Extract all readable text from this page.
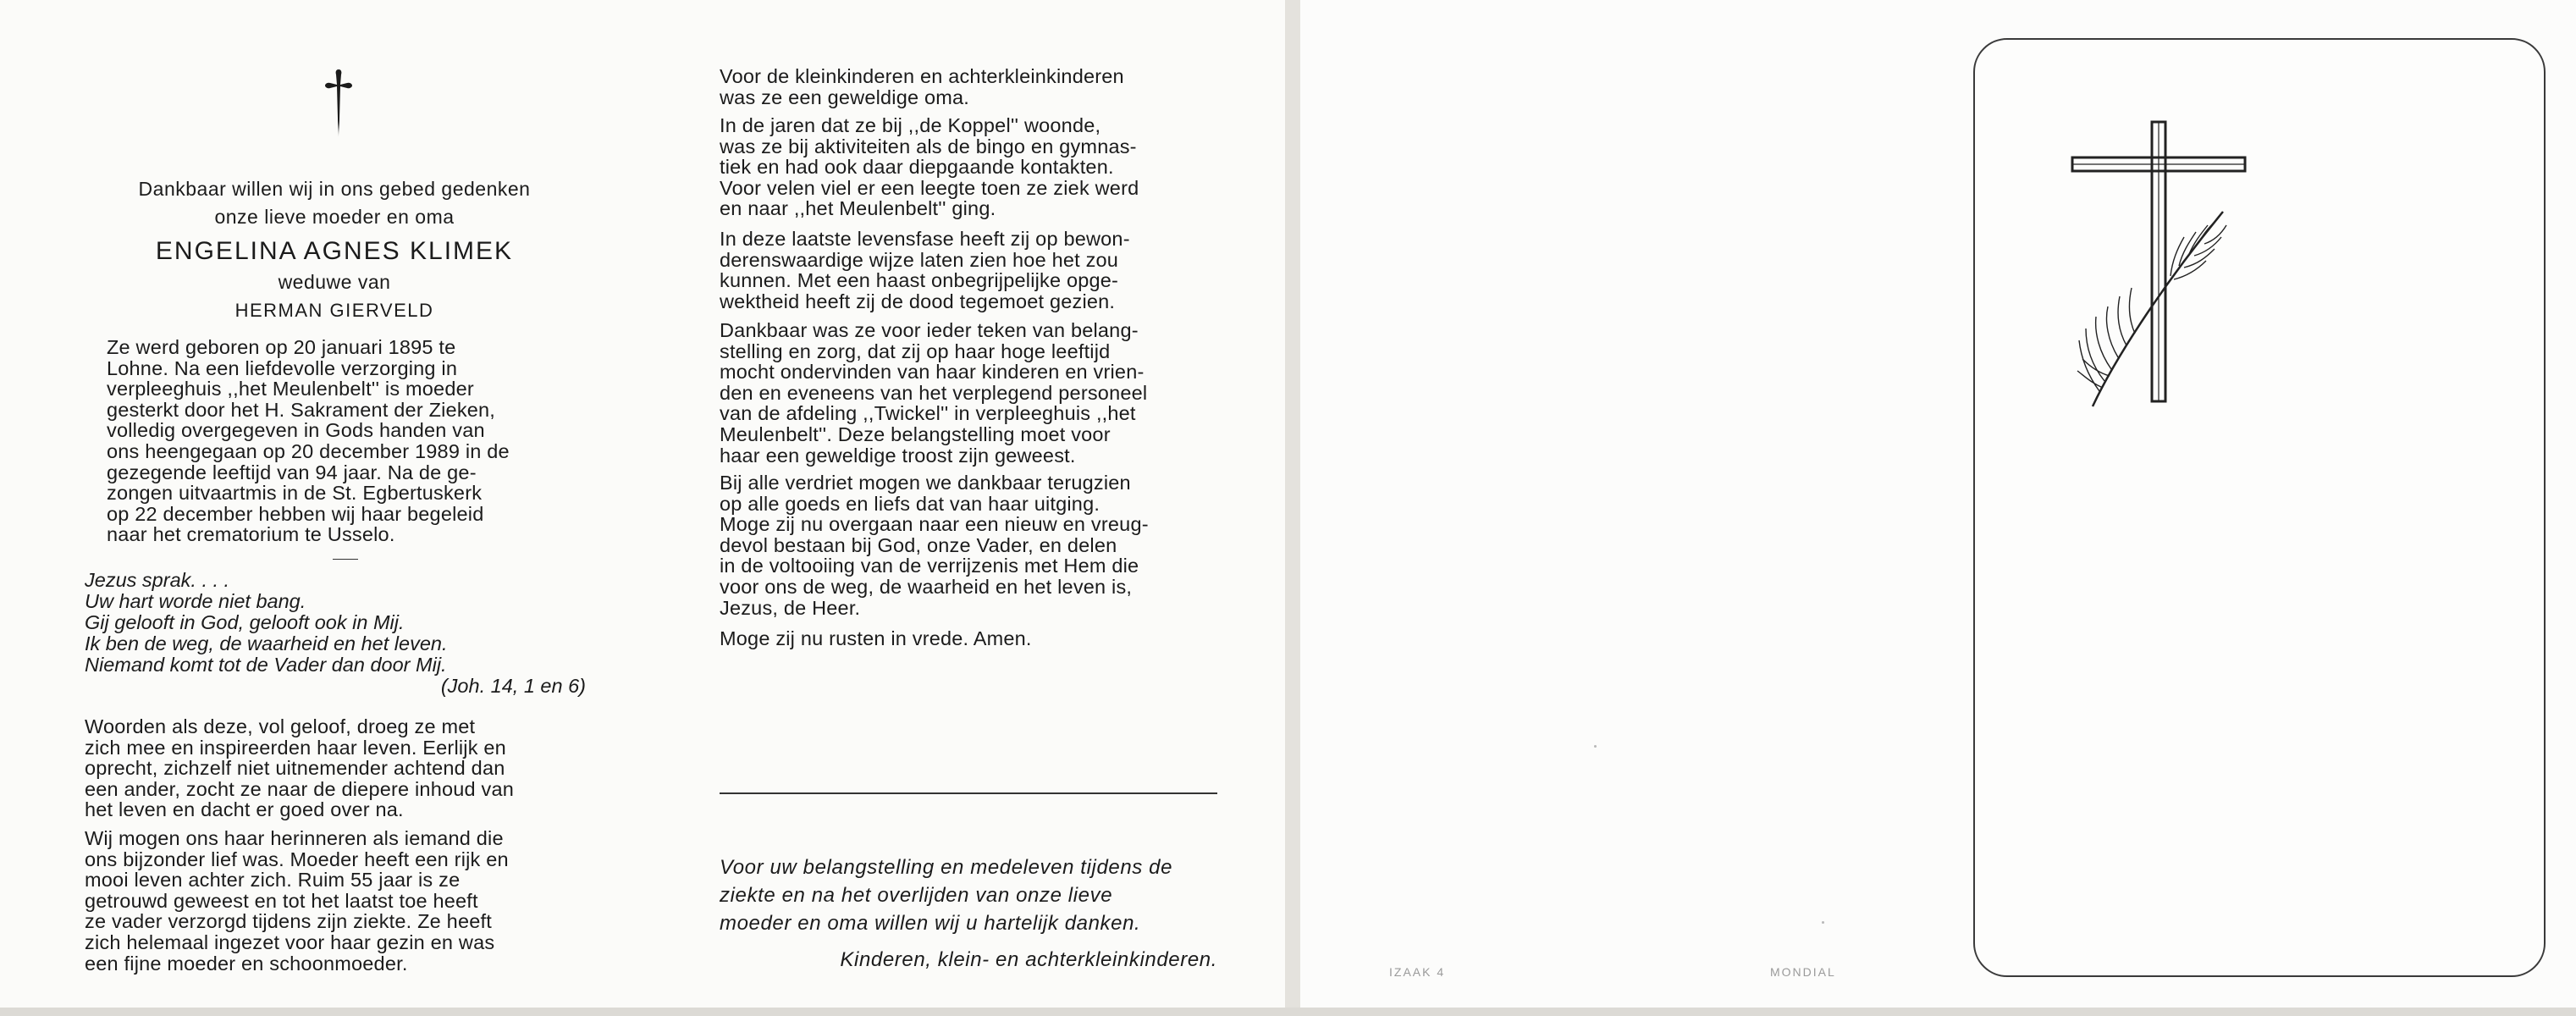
Dankbaar willen wij in ons gebed gedenken
onze lieve moeder en oma
ENGELINA AGNES KLIMEK
weduwe van
HERMAN GIERVELD
Ze werd geboren op 20 januari 1895 te
Lohne. Na een liefdevolle verzorging in
verpleeghuis ,,het Meulenbelt'' is moeder
gesterkt door het H. Sakrament der Zieken,
volledig overgegeven in Gods handen van
ons heengegaan op 20 december 1989 in de
gezegende leeftijd van 94 jaar. Na de ge-
zongen uitvaartmis in de St. Egbertuskerk
op 22 december hebben wij haar begeleid
naar het crematorium te Usselo.
Jezus sprak. . . .
Uw hart worde niet bang.
Gij gelooft in God, gelooft ook in Mij.
Ik ben de weg, de waarheid en het leven.
Niemand komt tot de Vader dan door Mij.
(Joh. 14, 1 en 6)
Woorden als deze, vol geloof, droeg ze met
zich mee en inspireerden haar leven. Eerlijk en
oprecht, zichzelf niet uitnemender achtend dan
een ander, zocht ze naar de diepere inhoud van
het leven en dacht er goed over na.
Wij mogen ons haar herinneren als iemand die
ons bijzonder lief was. Moeder heeft een rijk en
mooi leven achter zich. Ruim 55 jaar is ze
getrouwd geweest en tot het laatst toe heeft
ze vader verzorgd tijdens zijn ziekte. Ze heeft
zich helemaal ingezet voor haar gezin en was
een fijne moeder en schoonmoeder.
Voor de kleinkinderen en achterkleinkinderen
was ze een geweldige oma.
In de jaren dat ze bij ,,de Koppel'' woonde,
was ze bij aktiviteiten als de bingo en gymnas-
tiek en had ook daar diepgaande kontakten.
Voor velen viel er een leegte toen ze ziek werd
en naar ,,het Meulenbelt'' ging.
In deze laatste levensfase heeft zij op bewon-
derenswaardige wijze laten zien hoe het zou
kunnen. Met een haast onbegrijpelijke opge-
wektheid heeft zij de dood tegemoet gezien.
Dankbaar was ze voor ieder teken van belang-
stelling en zorg, dat zij op haar hoge leeftijd
mocht ondervinden van haar kinderen en vrien-
den en eveneens van het verplegend personeel
van de afdeling ,,Twickel'' in verpleeghuis ,,het
Meulenbelt''. Deze belangstelling moet voor
haar een geweldige troost zijn geweest.
Bij alle verdriet mogen we dankbaar terugzien
op alle goeds en liefs dat van haar uitging.
Moge zij nu overgaan naar een nieuw en vreug-
devol bestaan bij God, onze Vader, en delen
in de voltooiing van de verrijzenis met Hem die
voor ons de weg, de waarheid en het leven is,
Jezus, de Heer.
Moge zij nu rusten in vrede. Amen.
Voor uw belangstelling en medeleven tijdens de
ziekte en na het overlijden van onze lieve
moeder en oma willen wij u hartelijk danken.
Kinderen, klein- en achterkleinkinderen.
IZAAK 4	MONDIAL
